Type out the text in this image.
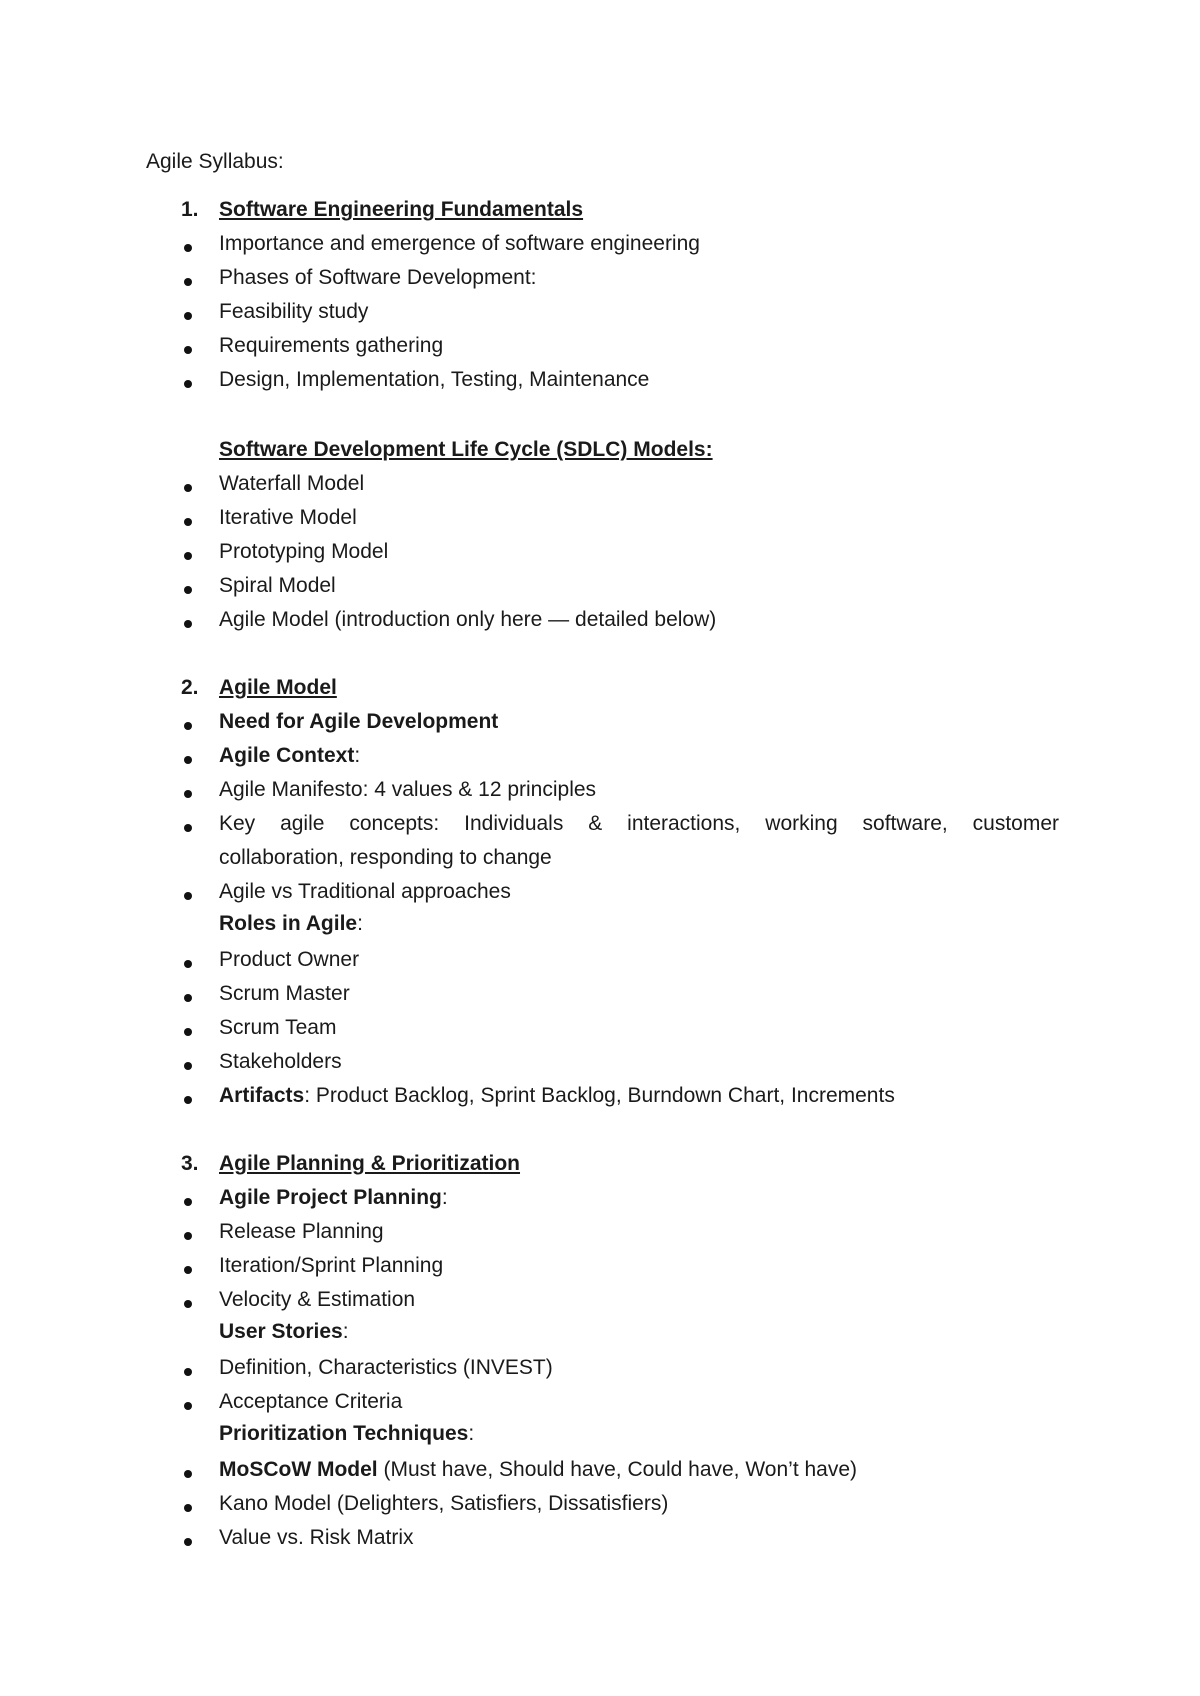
Agile Syllabus:
1. Software Engineering Fundamentals
Importance and emergence of software engineering
Phases of Software Development:
Feasibility study
Requirements gathering
Design, Implementation, Testing, Maintenance
Software Development Life Cycle (SDLC) Models:
Waterfall Model
Iterative Model
Prototyping Model
Spiral Model
Agile Model (introduction only here — detailed below)
2. Agile Model
Need for Agile Development
Agile Context:
Agile Manifesto: 4 values & 12 principles
Key agile concepts: Individuals & interactions, working software, customer
collaboration, responding to change
Agile vs Traditional approaches
Roles in Agile:
Product Owner
Scrum Master
Scrum Team
Stakeholders
Artifacts: Product Backlog, Sprint Backlog, Burndown Chart, Increments
3. Agile Planning & Prioritization
Agile Project Planning:
Release Planning
Iteration/Sprint Planning
Velocity & Estimation
User Stories:
Definition, Characteristics (INVEST)
Acceptance Criteria
Prioritization Techniques:
MoSCoW Model (Must have, Should have, Could have, Won’t have)
Kano Model (Delighters, Satisfiers, Dissatisfiers)
Value vs. Risk Matrix
